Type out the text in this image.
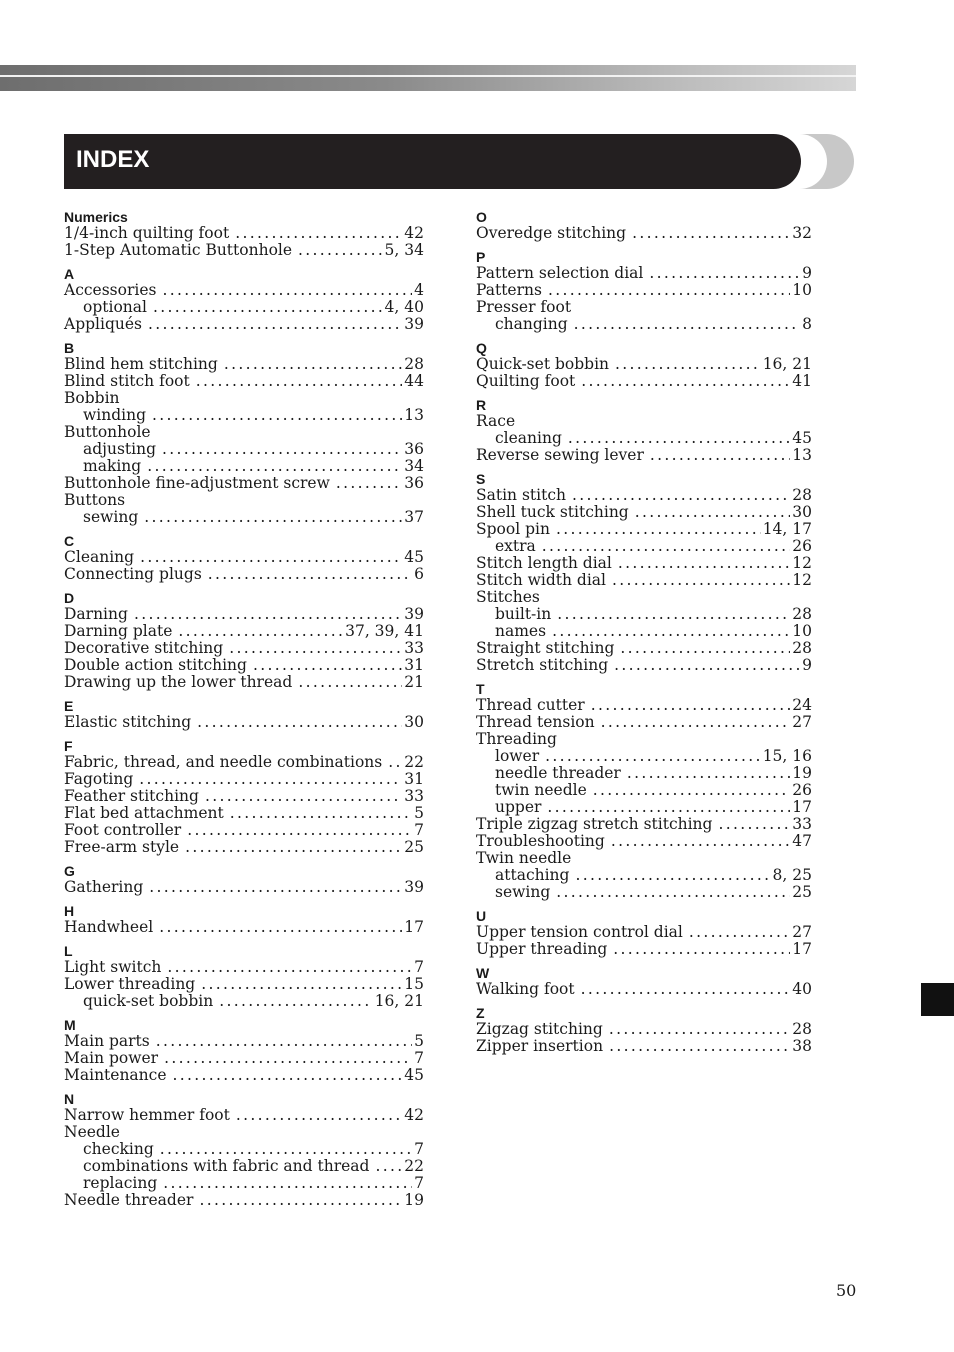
INDEX
Numerics
1/4-inch quilting foot . . .	42
1-Step Automatic Buttonhole . . .	5, 34
A
Accessories . . .	4
optional . . .	4, 40
Appliqués . . .	39
B
Blind hem stitching . . .	28
Blind stitch foot . . .	44
Bobbin
winding . . .	13
Buttonhole
adjusting . . .	36
making . . .	34
Buttonhole fine-adjustment screw . . .	36
Buttons
sewing . . .	37
C
Cleaning . . .	45
Connecting plugs . . .	6
D
Darning . . .	39
Darning plate . . .	37, 39, 41
Decorative stitching . . .	33
Double action stitching . . .	31
Drawing up the lower thread . . .	21
E
Elastic stitching . . .	30
F
Fabric, thread, and needle combinations . . .	22
Fagoting . . .	31
Feather stitching . . .	33
Flat bed attachment . . .	5
Foot controller . . .	7
Free-arm style . . .	25
G
Gathering . . .	39
H
Handwheel . . .	17
L
Light switch . . .	7
Lower threading . . .	15
quick-set bobbin . . .	16, 21
M
Main parts . . .	5
Main power . . .	7
Maintenance . . .	45
N
Narrow hemmer foot . . .	42
Needle
checking . . .	7
combinations with fabric and thread . . .	22
replacing . . .	7
Needle threader . . .	19
O
Overedge stitching . . .	32
P
Pattern selection dial . . .	9
Patterns . . .	10
Presser foot
changing . . .	8
Q
Quick-set bobbin . . .	16, 21
Quilting foot . . .	41
R
Race
cleaning . . .	45
Reverse sewing lever . . .	13
S
Satin stitch . . .	28
Shell tuck stitching . . .	30
Spool pin . . .	14, 17
extra . . .	26
Stitch length dial . . .	12
Stitch width dial . . .	12
Stitches
built-in . . .	28
names . . .	10
Straight stitching . . .	28
Stretch stitching . . .	9
T
Thread cutter . . .	24
Thread tension . . .	27
Threading
lower . . .	15, 16
needle threader . . .	19
twin needle . . .	26
upper . . .	17
Triple zigzag stretch stitching . . .	33
Troubleshooting . . .	47
Twin needle
attaching . . .	8, 25
sewing . . .	25
U
Upper tension control dial . . .	27
Upper threading . . .	17
W
Walking foot . . .	40
Z
Zigzag stitching . . .	28
Zipper insertion . . .	38
50
